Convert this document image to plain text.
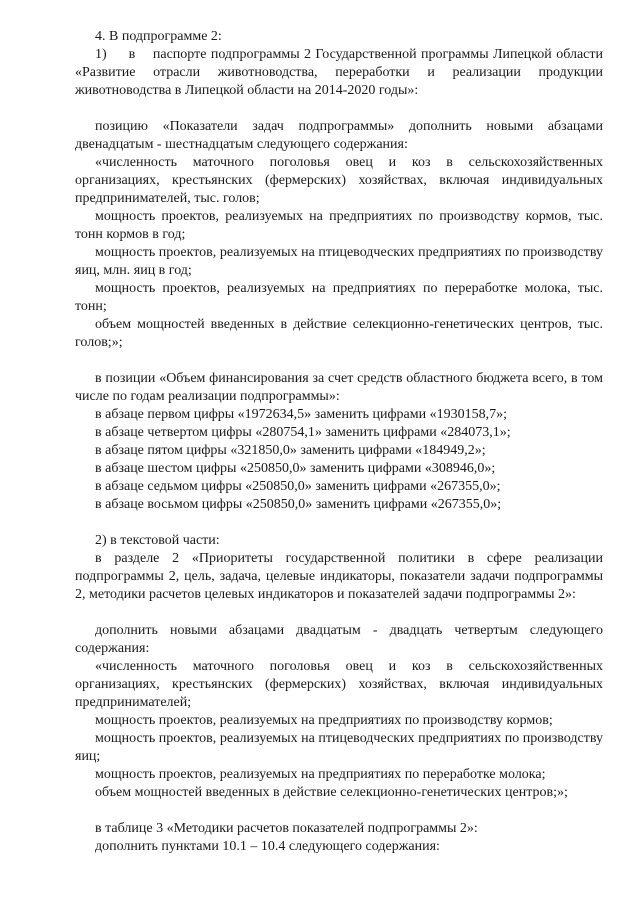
4. В подпрограмме 2:
1)     в    паспорте подпрограммы 2 Государственной программы Липецкой области «Развитие отрасли животноводства, переработки и реализации продукции животноводства в Липецкой области на 2014-2020 годы»:
позицию «Показатели задач подпрограммы» дополнить новыми абзацами двенадцатым - шестнадцатым следующего содержания:
«численность маточного поголовья овец и коз в сельскохозяйственных организациях, крестьянских (фермерских) хозяйствах, включая индивидуальных предпринимателей, тыс. голов;
мощность проектов, реализуемых на предприятиях по производству кормов, тыс. тонн кормов в год;
мощность проектов, реализуемых на птицеводческих предприятиях по производству яиц, млн. яиц в год;
мощность проектов, реализуемых на предприятиях по переработке молока, тыс. тонн;
объем мощностей введенных в действие селекционно-генетических центров, тыс. голов;»;
в позиции «Объем финансирования за счет средств областного бюджета всего, в том числе по годам реализации подпрограммы»:
в абзаце первом цифры «1972634,5» заменить цифрами «1930158,7»;
в абзаце четвертом цифры «280754,1» заменить цифрами «284073,1»;
в абзаце пятом цифры «321850,0» заменить цифрами «184949,2»;
в абзаце шестом цифры «250850,0» заменить цифрами «308946,0»;
в абзаце седьмом цифры «250850,0» заменить цифрами «267355,0»;
в абзаце восьмом цифры «250850,0» заменить цифрами «267355,0»;
2) в текстовой части:
в разделе 2 «Приоритеты государственной политики в сфере реализации подпрограммы 2, цель, задача, целевые индикаторы, показатели задачи подпрограммы 2, методики расчетов целевых индикаторов и показателей задачи подпрограммы 2»:
дополнить новыми абзацами двадцатым - двадцать четвертым следующего содержания:
«численность маточного поголовья овец и коз в сельскохозяйственных организациях, крестьянских (фермерских) хозяйствах, включая индивидуальных предпринимателей;
мощность проектов, реализуемых на предприятиях по производству кормов;
мощность проектов, реализуемых на птицеводческих предприятиях по производству яиц;
мощность проектов, реализуемых на предприятиях по переработке молока;
объем мощностей введенных в действие селекционно-генетических центров;»;
в таблице 3 «Методики расчетов показателей подпрограммы 2»:
дополнить пунктами 10.1 – 10.4 следующего содержания:
